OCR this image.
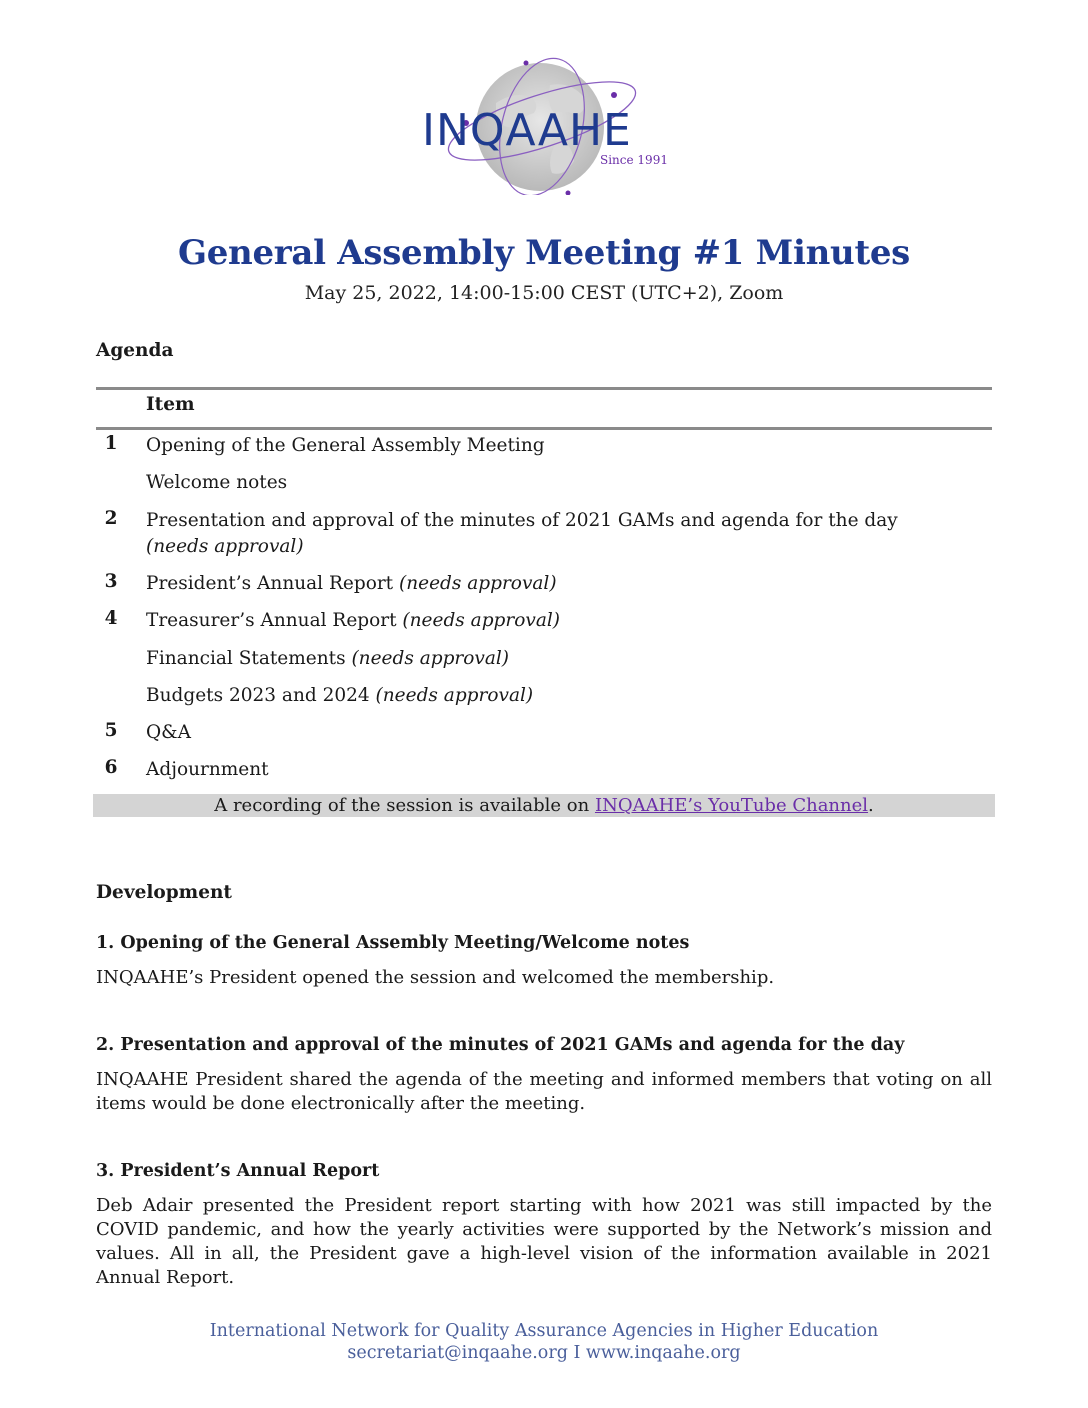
INQAAHE
Since 1991
General Assembly Meeting #1 Minutes
May 25, 2022, 14:00-15:00 CEST (UTC+2), Zoom
Agenda
Item
1	Opening of the General Assembly Meeting
Welcome notes
2	Presentation and approval of the minutes of 2021 GAMs and agenda for the day
(needs approval)
3	President’s Annual Report (needs approval)
4	Treasurer’s Annual Report (needs approval)
Financial Statements (needs approval)
Budgets 2023 and 2024 (needs approval)
5	Q&A
6	Adjournment
A recording of the session is available on INQAAHE’s YouTube Channel.
Development
1. Opening of the General Assembly Meeting/Welcome notes
INQAAHE’s President opened the session and welcomed the membership.
2. Presentation and approval of the minutes of 2021 GAMs and agenda for the day
INQAAHE President shared the agenda of the meeting and informed members that voting on all items would be done electronically after the meeting.
3. President’s Annual Report
Deb Adair presented the President report starting with how 2021 was still impacted by the COVID pandemic, and how the yearly activities were supported by the Network’s mission and values. All in all, the President gave a high-level vision of the information available in 2021 Annual Report.
International Network for Quality Assurance Agencies in Higher Education
secretariat@inqaahe.org I www.inqaahe.org
